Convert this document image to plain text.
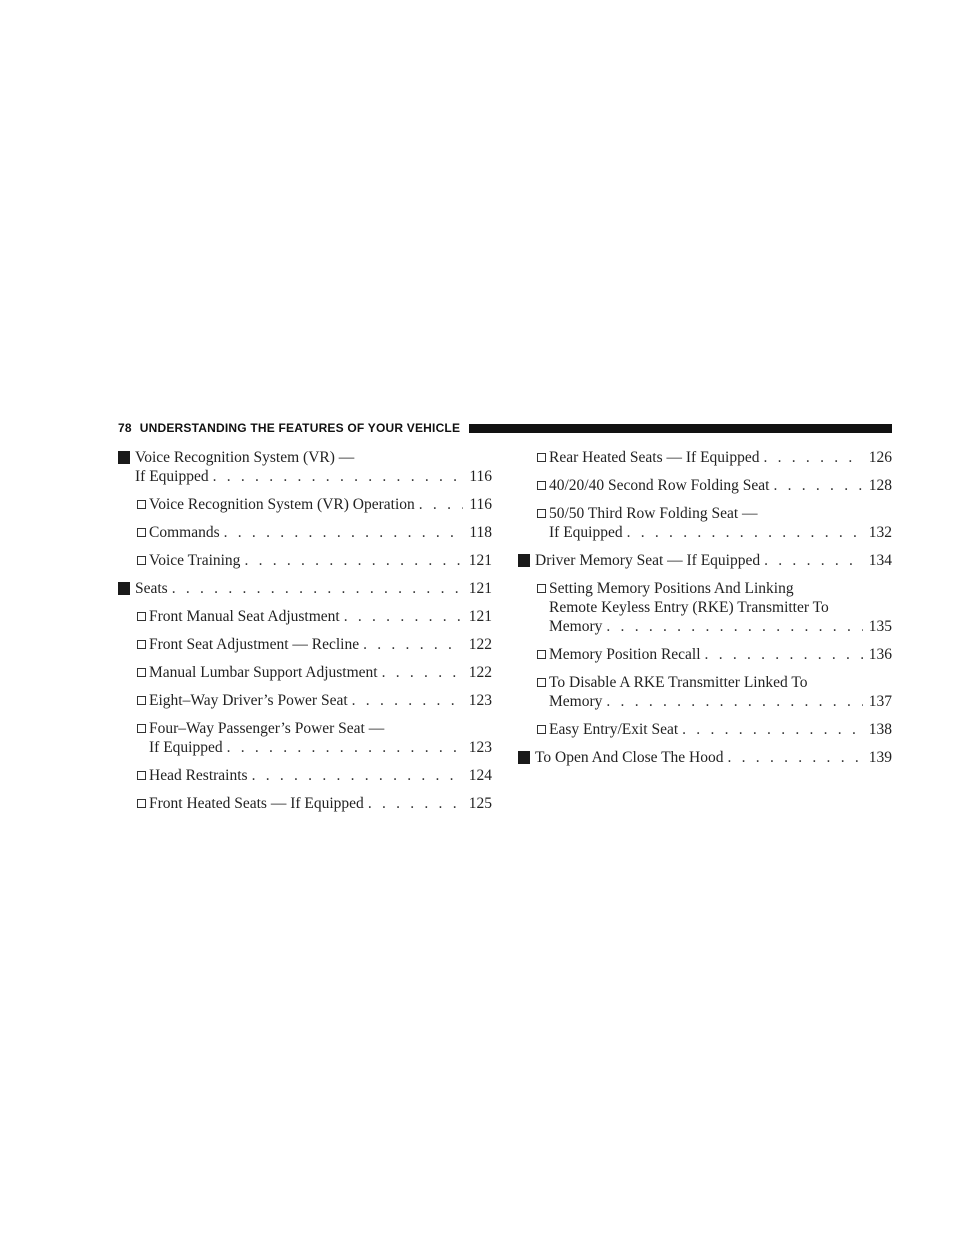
78 UNDERSTANDING THE FEATURES OF YOUR VEHICLE
Voice Recognition System (VR) —
If Equipped . . .	116
Voice Recognition System (VR) Operation . . .	116
Commands . . .	118
Voice Training . . .	121
Seats . . .	121
Front Manual Seat Adjustment . . .	121
Front Seat Adjustment — Recline . . .	122
Manual Lumbar Support Adjustment . . .	122
Eight–Way Driver’s Power Seat . . .	123
Four–Way Passenger’s Power Seat —
If Equipped . . .	123
Head Restraints . . .	124
Front Heated Seats — If Equipped . . .	125
Rear Heated Seats — If Equipped . . .	126
40/20/40 Second Row Folding Seat . . .	128
50/50 Third Row Folding Seat —
If Equipped . . .	132
Driver Memory Seat — If Equipped . . .	134
Setting Memory Positions And Linking
Remote Keyless Entry (RKE) Transmitter To
Memory . . .	135
Memory Position Recall . . .	136
To Disable A RKE Transmitter Linked To
Memory . . .	137
Easy Entry/Exit Seat . . .	138
To Open And Close The Hood . . .	139
